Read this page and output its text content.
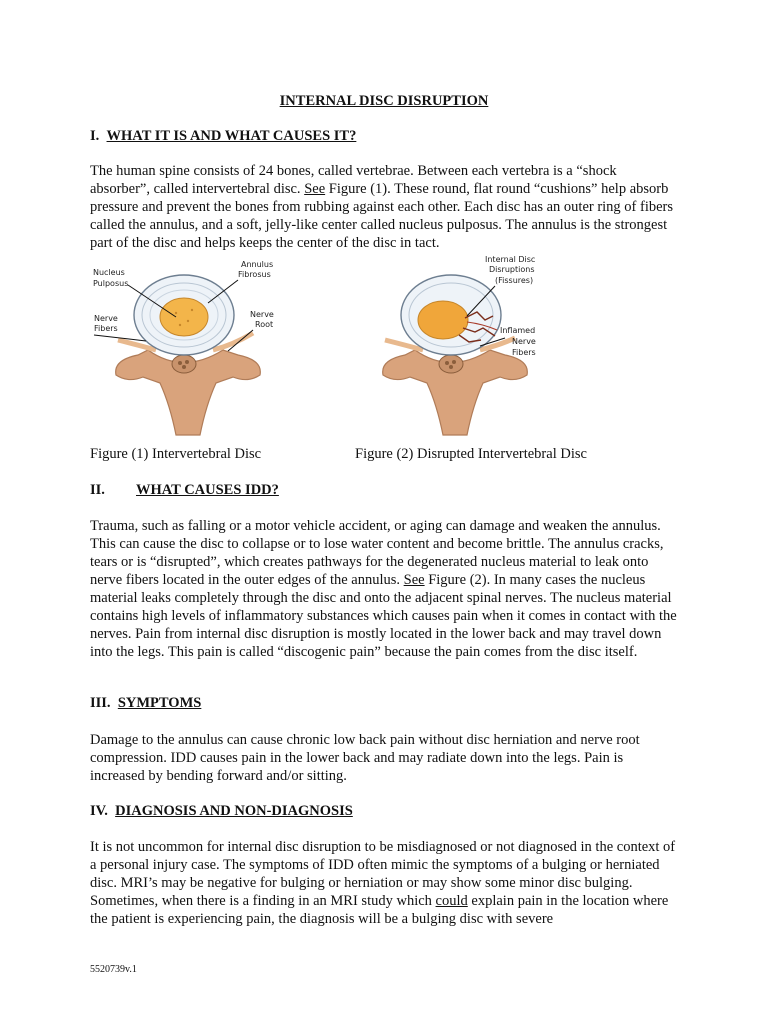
INTERNAL DISC DISRUPTION
I. WHAT IT IS AND WHAT CAUSES IT?
The human spine consists of 24 bones, called vertebrae. Between each vertebra is a “shock absorber”, called intervertebral disc. See Figure (1). These round, flat round “cushions” help absorb pressure and prevent the bones from rubbing against each other. Each disc has an outer ring of fibers called the annulus, and a soft, jelly-like center called nucleus pulposus. The annulus is the strongest part of the disc and helps keeps the center of the disc in tact.
Nucleus
Pulposus
Annulus
Fibrosus
Nerve
Fibers
Nerve
Root
Internal Disc
Disruptions
(Fissures)
Inflamed
Nerve
Fibers
Figure (1) Intervertebral Disc	Figure (2) Disrupted Intervertebral Disc
II. WHAT CAUSES IDD?
Trauma, such as falling or a motor vehicle accident, or aging can damage and weaken the annulus. This can cause the disc to collapse or to lose water content and become brittle. The annulus cracks, tears or is “disrupted”, which creates pathways for the degenerated nucleus material to leak onto nerve fibers located in the outer edges of the annulus. See Figure (2). In many cases the nucleus material leaks completely through the disc and onto the adjacent spinal nerves. The nucleus material contains high levels of inflammatory substances which causes pain when it comes in contact with the nerves. Pain from internal disc disruption is mostly located in the lower back and may travel down into the legs. This pain is called “discogenic pain” because the pain comes from the disc itself.
III. SYMPTOMS
Damage to the annulus can cause chronic low back pain without disc herniation and nerve root compression. IDD causes pain in the lower back and may radiate down into the legs. Pain is increased by bending forward and/or sitting.
IV. DIAGNOSIS AND NON-DIAGNOSIS
It is not uncommon for internal disc disruption to be misdiagnosed or not diagnosed in the context of a personal injury case. The symptoms of IDD often mimic the symptoms of a bulging or herniated disc. MRI’s may be negative for bulging or herniation or may show some minor disc bulging. Sometimes, when there is a finding in an MRI study which could explain pain in the location where the patient is experiencing pain, the diagnosis will be a bulging disc with severe
5520739v.1
